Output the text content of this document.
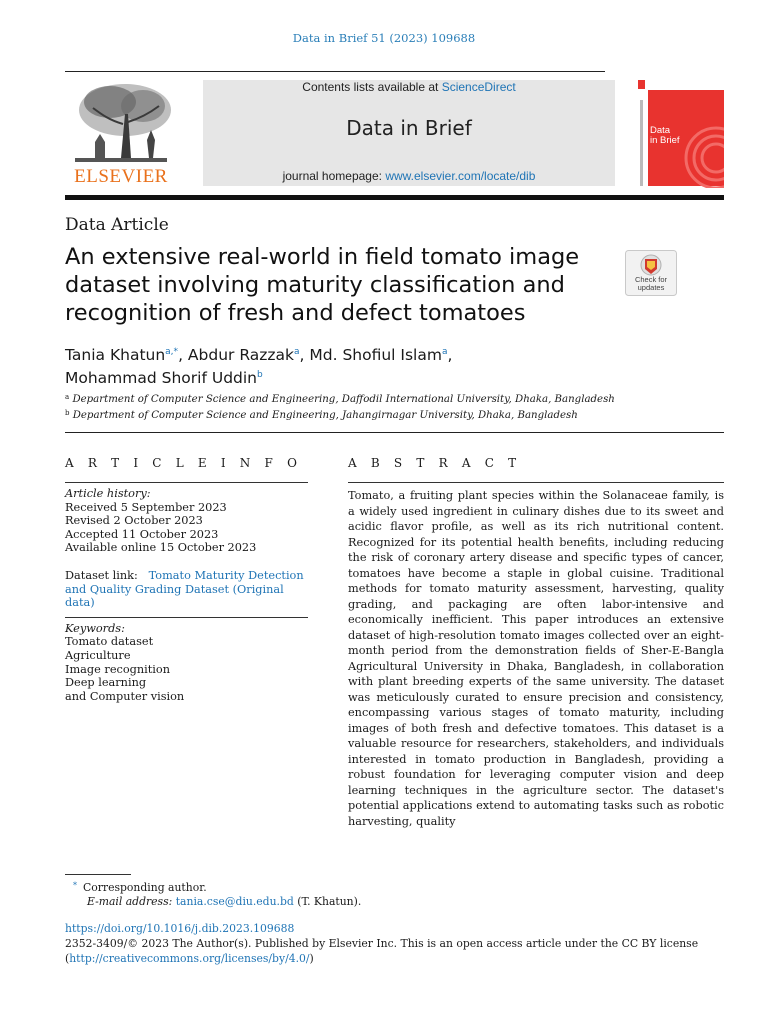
Data in Brief 51 (2023) 109688
ELSEVIER
Contents lists available at ScienceDirect
Data in Brief
journal homepage: www.elsevier.com/locate/dib
Data
in Brief
Data Article
An extensive real-world in field tomato image
dataset involving maturity classification and
recognition of fresh and defect tomatoes
Check for
updates
Tania Khatun$^{a,*}$, Abdur Razzak$^a$, Md. Shofiul Islam$^a$,
Mohammad Shorif Uddin$^b$
$^a$ Department of Computer Science and Engineering, Daffodil International University, Dhaka, Bangladesh
$^b$ Department of Computer Science and Engineering, Jahangirnagar University, Dhaka, Bangladesh
A R T I C L E I N F O	A B S T R A C T
Article history:
Received 5 September 2023
Revised 2 October 2023
Accepted 11 October 2023
Available online 15 October 2023
Dataset link: Tomato Maturity Detection
and Quality Grading Dataset (Original data)
Keywords:
Tomato dataset
Agriculture
Image recognition
Deep learning
and Computer vision
Tomato, a fruiting plant species within the Solanaceae family, is a widely used ingredient in culinary dishes due to its sweet and acidic flavor profile, as well as its rich nutritional content. Recognized for its potential health benefits, including reducing the risk of coronary artery disease and specific types of cancer, tomatoes have become a staple in global cuisine. Traditional methods for tomato maturity assessment, harvesting, quality grading, and packaging are often labor-intensive and economically inefficient. This paper introduces an extensive dataset of high-resolution tomato images collected over an eight-month period from the demonstration fields of Sher-E-Bangla Agricultural University in Dhaka, Bangladesh, in collaboration with plant breeding experts of the same university. The dataset was meticulously curated to ensure precision and consistency, encompassing various stages of tomato maturity, including images of both fresh and defective tomatoes. This dataset is a valuable resource for researchers, stakeholders, and individuals interested in tomato production in Bangladesh, providing a robust foundation for leveraging computer vision and deep learning techniques in the agriculture sector. The dataset's potential applications extend to automating tasks such as robotic harvesting, quality
* Corresponding author.
E-mail address: tania.cse@diu.edu.bd (T. Khatun).
https://doi.org/10.1016/j.dib.2023.109688
2352-3409/© 2023 The Author(s). Published by Elsevier Inc. This is an open access article under the CC BY license
(http://creativecommons.org/licenses/by/4.0/)
